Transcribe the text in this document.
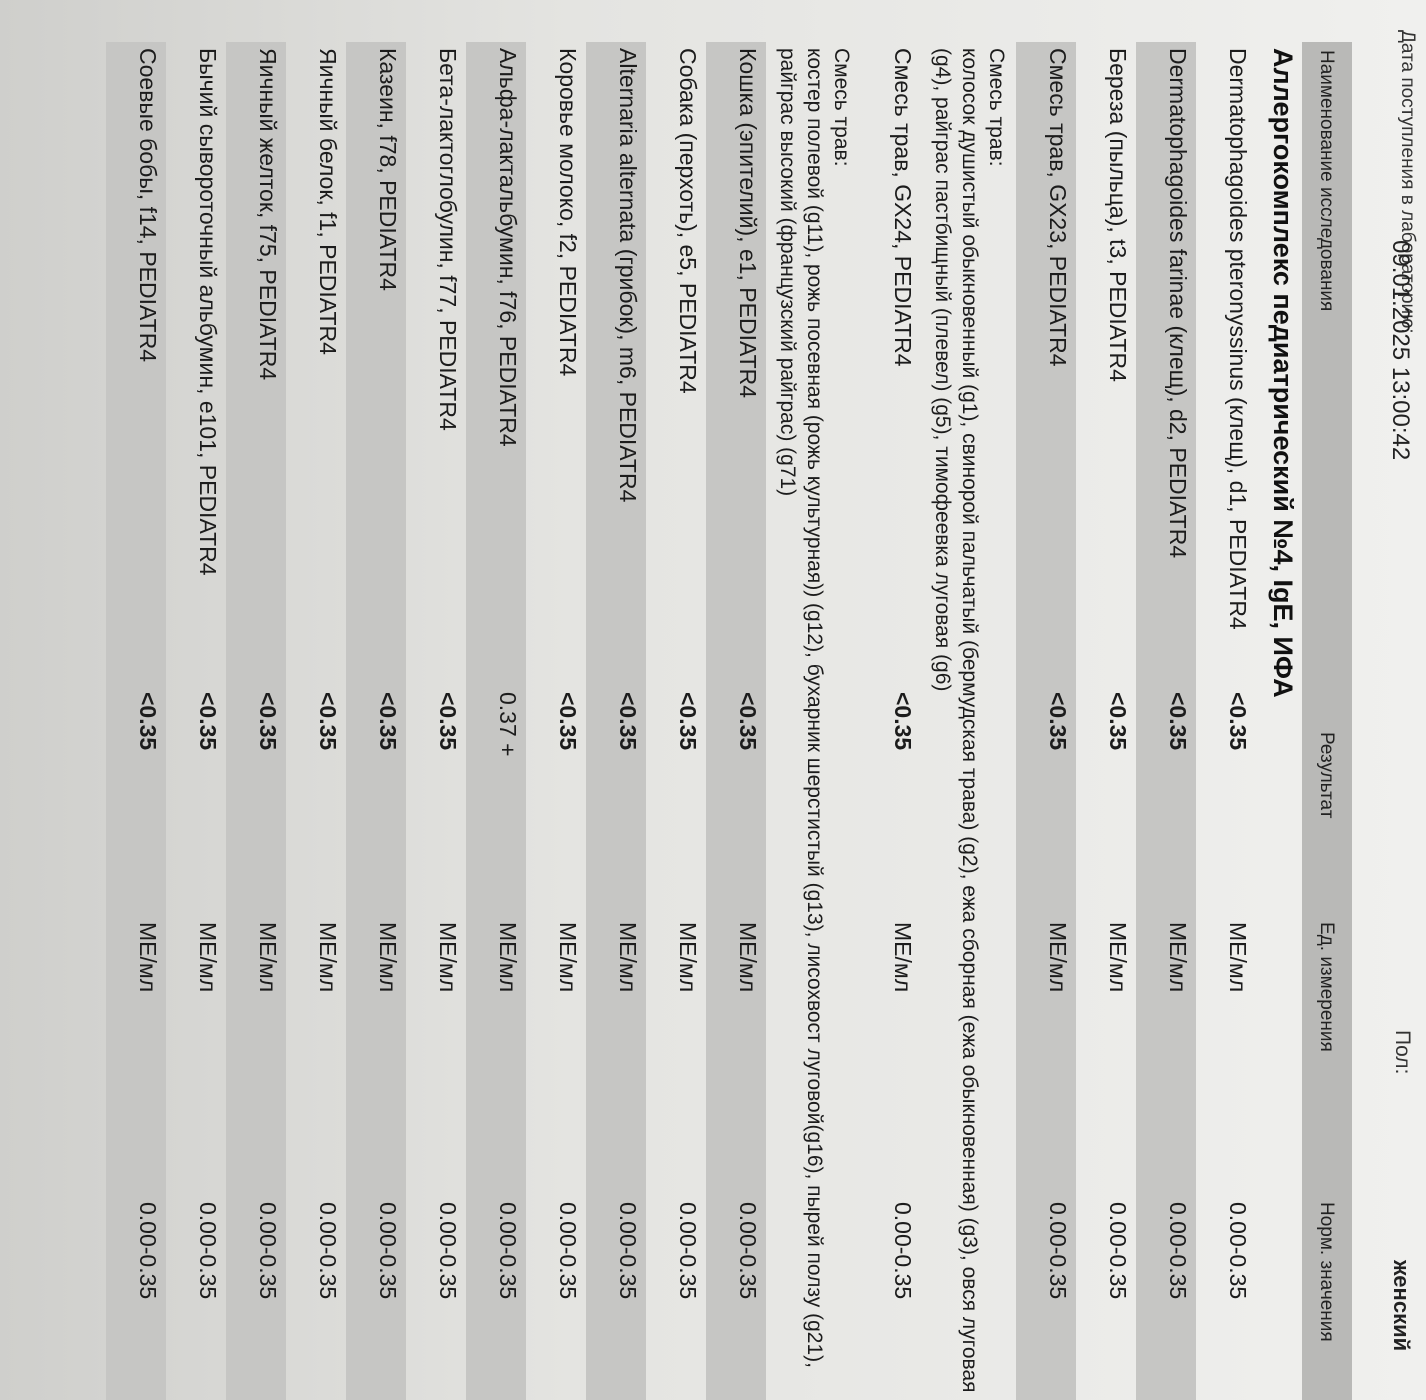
Дата поступления в лабораторию:
09.01.2025 13:00:42
Пол:
женский
Наименование исследования
Результат
Ед. измерения
Норм. значения
Аллергокомплекс педиатрический №4, IgE, ИФА
Dermatophagoides pteronyssinus (клещ), d1, PEDIATR4
<0.35
МЕ/мл
0.00-0.35
Dermatophagoides farinae (клещ), d2, PEDIATR4
<0.35
МЕ/мл
0.00-0.35
Береза (пыльца), t3, PEDIATR4
<0.35
МЕ/мл
0.00-0.35
Смесь трав, GX23, PEDIATR4
<0.35
МЕ/мл
0.00-0.35
Смесь трав:
колосок душистый обыкновенный (g1), свинорой пальчатый (бермудская трава) (g2), ежа сборная (ежа обыкновенная) (g3), овся луговая (g4), райграс пастбищный (плевел) (g5), тимофеевка луговая (g6)
Смесь трав, GX24, PEDIATR4
<0.35
МЕ/мл
0.00-0.35
Смесь трав:
костер полевой (g11), рожь посевная (рожь культурная)) (g12), бухарник шерстистый (g13), лисохвост луговой(g16), пырей ползу (g21), райграс высокий (французский райграс) (g71)
Кошка (эпителий), e1, PEDIATR4
<0.35
МЕ/мл
0.00-0.35
Собака (перхоть), e5, PEDIATR4
<0.35
МЕ/мл
0.00-0.35
Alternaria alternata (грибок), m6, PEDIATR4
<0.35
МЕ/мл
0.00-0.35
Коровье молоко, f2, PEDIATR4
<0.35
МЕ/мл
0.00-0.35
Альфа-лактальбумин, f76, PEDIATR4
0.37 +
МЕ/мл
0.00-0.35
Бета-лактоглобулин, f77, PEDIATR4
<0.35
МЕ/мл
0.00-0.35
Казеин, f78, PEDIATR4
<0.35
МЕ/мл
0.00-0.35
Яичный белок, f1, PEDIATR4
<0.35
МЕ/мл
0.00-0.35
Яичный желток, f75, PEDIATR4
<0.35
МЕ/мл
0.00-0.35
Бычий сывороточный альбумин, e101, PEDIATR4
<0.35
МЕ/мл
0.00-0.35
Соевые бобы, f14, PEDIATR4
<0.35
МЕ/мл
0.00-0.35
